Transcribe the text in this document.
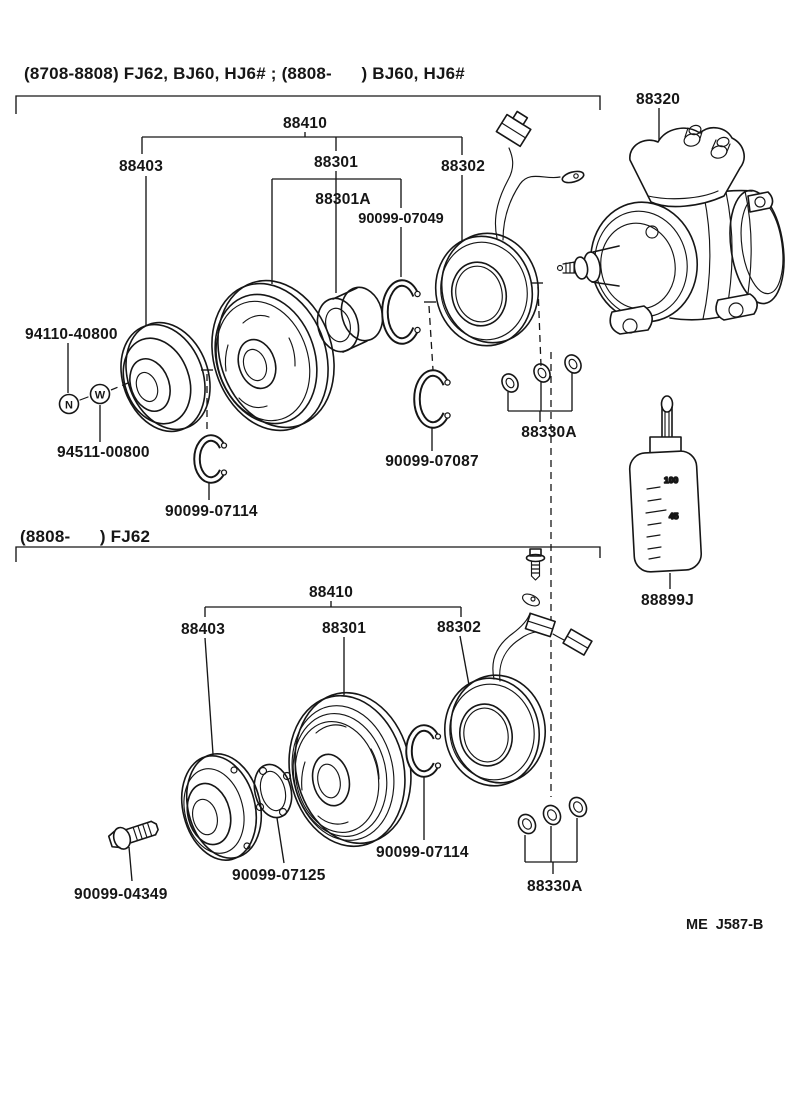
(8708-8808) FJ62, BJ60, HJ6# ; (8808-      ) BJ60, HJ6#
88320
88410
88403	88301	88302
88301A
90099-07049
94110-40800
94511-00800
90099-07114
90099-07087
88330A
N
W
(8808-      ) FJ62
88410
88403	88301	88302
90099-04349
90099-07125
90099-07114
88330A
88899J
100
45
ME  J587-B
